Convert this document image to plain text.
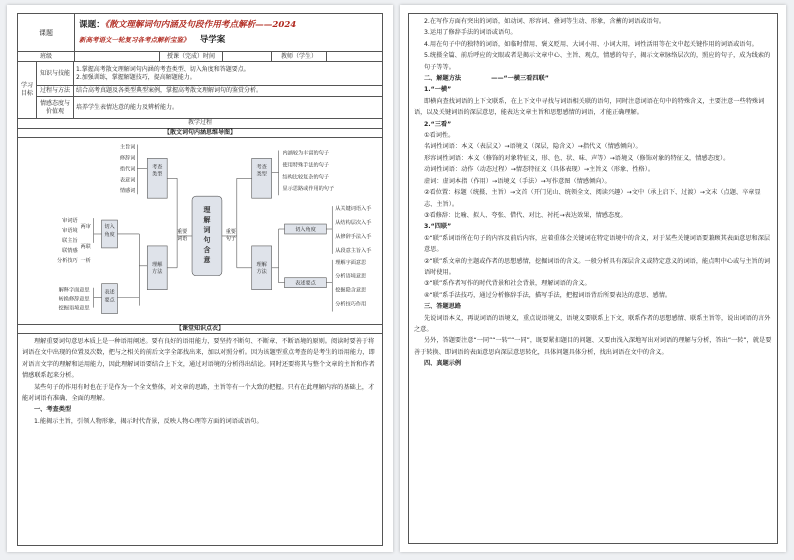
课题	
课题：《散文理解词句内涵及句段作用考点解析——2024
新高考语文一轮复习各考点解析宝鉴》 导学案
班级		授课（完成）时间		教师（学生）	
学习目标	知识与技能	1.掌握高考散文理解词句内涵的考查类型、切入角度和答题要点。
2.加强训练，掌握解题技巧，提高解题能力。
	过程与方法	结合高考真题及各类型典型案例，掌握高考散文理解词句的鉴赏分析。
	情感态度与价值观	培养学生表情达意的能力及辨析能力。
教学过程
【散文词句内涵思维导图】
理解词句含意
重要
词语
重要
句子
考查类型
理解方法
考查类型
理解方法
主旨词
修辞词
指代词
表意词
情感词
切入角度
表述要点
审词语
审语境
联主旨
联情感
分析技巧
两审
两联
一析
解释字面意思
转换修辞意思
挖掘语境意思
内涵较为丰富的句子
使用特殊手法的句子
结构比较复杂的句子
显示思路或作用的句子
切入角度
表述要点
从关键词语入手
从结构层次入手
从修辞手法入手
从段意主旨入手
理解字面意思
分析语境意思
挖掘隐含意思
分析技巧作用
【课堂知识点衣】

理解重要词句意思本质上是一种语用阐述。要有良好的语用能力，要坚持不断句、不断章、不断语境的原则。阅读时要善于将词语在文中出现的位置及次数，把与之相关的前后文字全部找出来，加以对照分析。因为该题型重点考查的是考生的语用能力，即对语言文字的理解和运用能力，因此理解词语要结合上下文，通过对语境的分析得出结论。同时还要将其与整个文章的主旨和作者情感联系起来分析。

某些句子的作用有时也在于是作为一个全文整体，对文章的思路，主旨等有一个大致的把握。只有在此理解内容的基础上，才能对词语有准确、全面的理解。

一、考查类型

1.能揭示主旨，引领人物形象，揭示时代背景，反映人物心理等方面的词语或语句。

2.在写作方面有突出的词语，如动词、形容词、叠词等生动、形象，含蓄的词语或语句。

3.运用了修辞手法的词语或语句。

4.用在句子中的独特的词语，如临时借用、褒义贬用、大词小用、小词大用，词性活用等在文中起关键作用的词语或语句。

5.统摄全篇、前后呼应的文眼或者是揭示文章中心、主旨、观点，情感的句子，揭示文章脉络层次的，照应的句子，成为线索的句子等等。

二、解题方法	——“一横三看四联”

1.“一横”

即横向查找词语的上下文联系，在上下文中寻找与词语相关联的语句，同时注意词语在句中的特殊含义，主要注意一些特殊词语，以及关键词语的深层意思，能表达文章主旨和思想感情的词语，才能正确理解。

2.“三看”

①看词性。

名词性词语：本义（表层义）→语境义（深层，隐含义）→指代义（情感倾向）。

形容词性词语：本义（修饰的对象特征义，形、色、状、味、声等）→语境义（修饰对象的特征义，情感态度）。

动词性词语：动作（动态过程）→情态特征义（具体表现）→主旨义（形象、性格）。

虚词：虚词本指（作用）→语境义（手法）→写作意图（情感倾向）。

②看位置：标题（统摄、主旨）→文首（开门见山、统领全文、阅读兴趣）→文中（承上启下、过渡）→文末（点题、卒章显志、主旨）。

③看修辞：比喻、拟人、夸张、借代、对比、衬托→表达效果，情感态度。

3.“四联”

①“联”系词语所在句子的内容及前后内容，应着重体会关键词在特定语境中的含义，对于某些关键词语要兼顾其表面意思和深层意思。

②“联”系文章的主题或作者的思想感情，挖掘词语的含义。一般分析具有深层含义或特定意义的词语，能点明中心或与主旨的词语时使用。

③“联”系作者写作的时代背景和社会背景，理解词语的含义。

④“联”系手法技巧，通过分析修辞手法，描写手法，把握词语背后所要表达的意思、感情。

三、答题思路

先说词语本义，再说词语的语境义，重点说语境义，语境义要联系上下文，联系作者的思想感情、联系主旨等，说出词语的言外之意。

另外，答题要注意“一同”“一转”“一同”，既要紧扣题目的问题、又要由浅入深地写出对词语的理解与分析，答出“一转”，就是要善于转换、即词语的表面意思向深层意思转化，具体问题具体分析，找出词语在文中的含义。

四、真题示例
